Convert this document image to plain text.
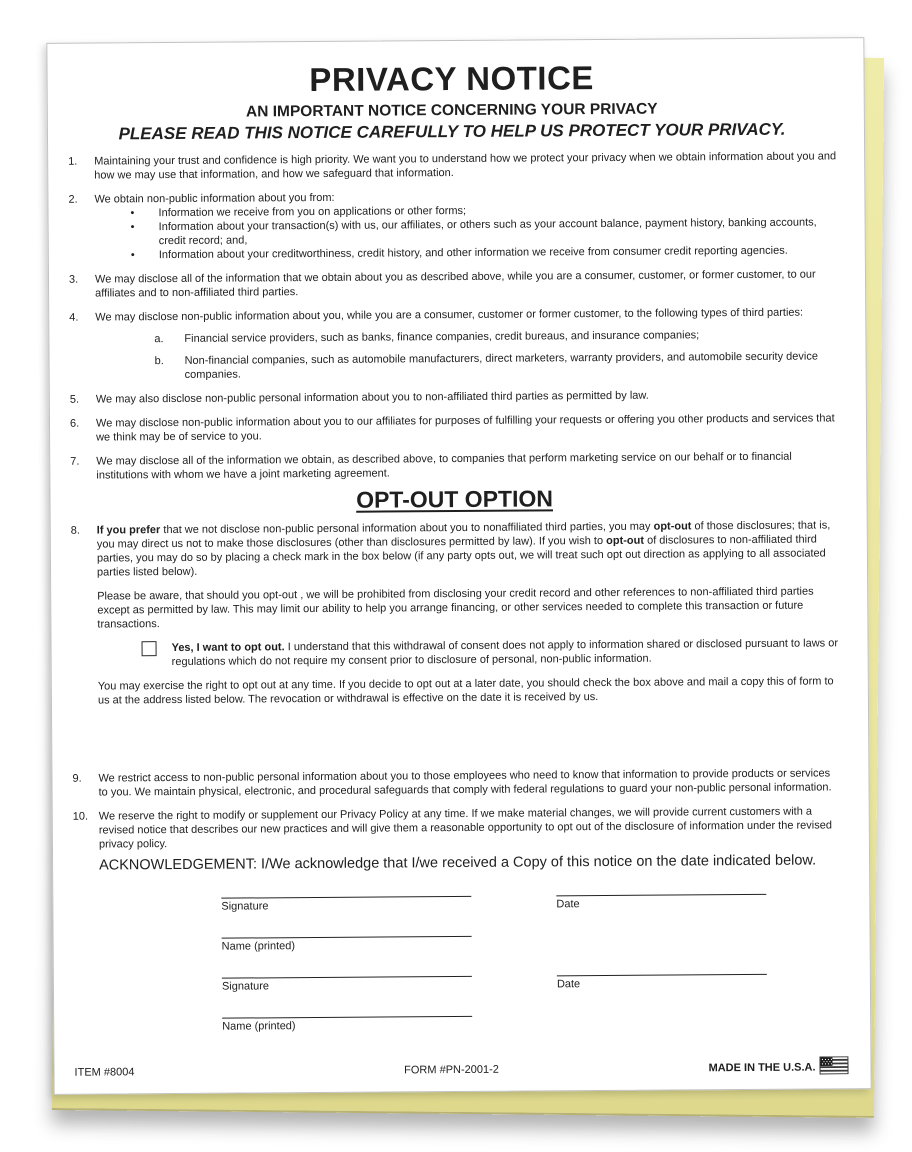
PRIVACY NOTICE
AN IMPORTANT NOTICE CONCERNING YOUR PRIVACY
PLEASE READ THIS NOTICE CAREFULLY TO HELP US PROTECT YOUR PRIVACY.
1.	Maintaining your trust and confidence is high priority. We want you to understand how we protect your privacy when we obtain information about you and how we may use that information, and how we safeguard that information.
2.	We obtain non-public information about you from:
•	Information we receive from you on applications or other forms;
•	Information about your transaction(s) with us, our affiliates, or others such as your account balance, payment history, banking accounts, credit record; and,
•	Information about your creditworthiness, credit history, and other information we receive from consumer credit reporting agencies.
3.	We may disclose all of the information that we obtain about you as described above, while you are a consumer, customer, or former customer, to our affiliates and to non-affiliated third parties.
4.	We may disclose non-public information about you, while you are a consumer, customer or former customer, to the following types of third parties:
a.	Financial service providers, such as banks, finance companies, credit bureaus, and insurance companies;
b.	Non-financial companies, such as automobile manufacturers, direct marketers, warranty providers, and automobile security device companies.
5.	We may also disclose non-public personal information about you to non-affiliated third parties as permitted by law.
6.	We may disclose non-public information about you to our affiliates for purposes of fulfilling your requests or offering you other products and services that we think may be of service to you.
7.	We may disclose all of the information we obtain, as described above, to companies that perform marketing service on our behalf or to financial institutions with whom we have a joint marketing agreement.
OPT-OUT OPTION
8.	If you prefer that we not disclose non-public personal information about you to nonaffiliated third parties, you may opt-out of those disclosures; that is, you may direct us not to make those disclosures (other than disclosures permitted by law). If you wish to opt-out of disclosures to non-affiliated third parties, you may do so by placing a check mark in the box below (if any party opts out, we will treat such opt out direction as applying to all associated parties listed below).
Please be aware, that should you opt-out , we will be prohibited from disclosing your credit record and other references to non-affiliated third parties except as permitted by law. This may limit our ability to help you arrange financing, or other services needed to complete this transaction or future transactions.
Yes, I want to opt out. I understand that this withdrawal of consent does not apply to information shared or disclosed pursuant to laws or regulations which do not require my consent prior to disclosure of personal, non-public information.
You may exercise the right to opt out at any time. If you decide to opt out at a later date, you should check the box above and mail a copy this of form to us at the address listed below. The revocation or withdrawal is effective on the date it is received by us.
9.	We restrict access to non-public personal information about you to those employees who need to know that information to provide products or services to you. We maintain physical, electronic, and procedural safeguards that comply with federal regulations to guard your non-public personal information.
10. We reserve the right to modify or supplement our Privacy Policy at any time. If we make material changes, we will provide current customers with a revised notice that describes our new practices and will give them a reasonable opportunity to opt out of the disclosure of information under the revised privacy policy.
ACKNOWLEDGEMENT: I/We acknowledge that I/we received a Copy of this notice on the date indicated below.
Signature	Date
Name (printed)
Signature	Date
Name (printed)
ITEM #8004	FORM #PN-2001-2	MADE IN THE U.S.A.
